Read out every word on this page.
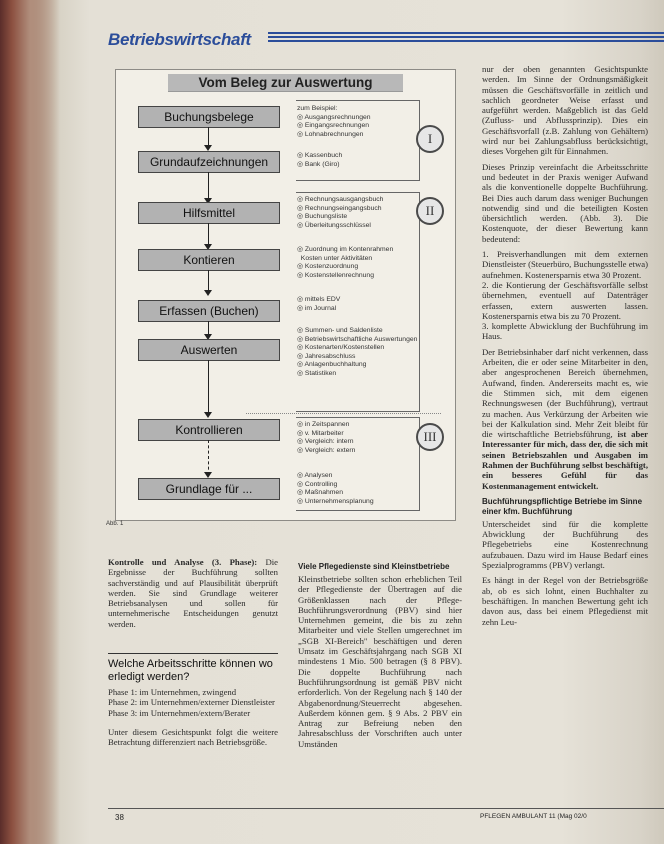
Betriebswirtschaft
Vom Beleg zur Auswertung
Buchungsbelege
Grundaufzeichnungen
Hilfsmittel
Kontieren
Erfassen (Buchen)
Auswerten
Kontrollieren
Grundlage für ...
zum Beispiel:
◎ Ausgangsrechnungen
◎ Eingangsrechnungen
◎ Lohnabrechnungen
◎ Kassenbuch
◎ Bank (Giro)
I
◎ Rechnungsausgangsbuch
◎ Rechnungseingangsbuch
◎ Buchungsliste
◎ Überleitungsschlüssel
◎ Zuordnung im Kontenrahmen
Kosten unter Aktivitäten
◎ Kostenzuordnung
◎ Kostenstellenrechnung
◎ mittels EDV
◎ im Journal
◎ Summen- und Saldenliste
◎ Betriebswirtschaftliche Auswertungen
◎ Kostenarten/Kostenstellen
◎ Jahresabschluss
◎ Anlagenbuchhaltung
◎ Statistiken
II
◎ in Zeitspannen
◎ v. Mitarbeiter
◎ Vergleich: intern
◎ Vergleich: extern
◎ Analysen
◎ Controlling
◎ Maßnahmen
◎ Unternehmensplanung
III
Abb. 1

Kontrolle und Analyse (3. Phase): Die Ergebnisse der Buchführung sollten sachverständig und auf Plausibilität überprüft werden. Sie sind Grundlage weiterer Betriebsanalysen und sollen für unternehmerische Entscheidungen genutzt werden.

Welche Arbeitsschritte können wo erledigt werden?
Phase 1: im Unternehmen, zwingend
Phase 2: im Unternehmen/externer Dienstleister
Phase 3: im Unternehmen/extern/Berater

Unter diesem Gesichtspunkt folgt die weitere Betrachtung differenziert nach Betriebsgröße.

Viele Pflegedienste sind Kleinstbetriebe

Kleinstbetriebe sollten schon erheblichen Teil der Pflegedienste der Übertragen auf die Größenklassen nach der Pflege-Buchführungsverordnung (PBV) sind hier Unternehmen gemeint, die bis zu zehn Mitarbeiter und viele Stellen umgerechnet im „SGB XI-Bereich" beschäftigen und deren Umsatz im Geschäftsjahrgang nach SGB XI mindestens 1 Mio. 500 betragen (§ 8 PBV). Die doppelte Buchführung nach Buchführungsordnung ist gemäß PBV nicht erforderlich. Von der Regelung nach § 140 der Abgabenordnung/Steuerrecht abgesehen. Außerdem können gem. § 9 Abs. 2 PBV ein Antrag zur Befreiung neben den Jahresabschluss der Vorschriften auch unter Umständen

nur der oben genannten Gesichtspunkte werden. Im Sinne der Ordnungsmäßigkeit müssen die Geschäftsvorfälle in zeitlich und sachlich geordneter Weise erfasst und aufgeführt werden. Maßgeblich ist das Geld (Zufluss- und Abflussprinzip). Dies ein Geschäftsvorfall (z.B. Zahlung von Gehältern) wird nur bei Zahlungsabfluss berücksichtigt, dieses Vorgehen gilt für Einnahmen.

Dieses Prinzip vereinfacht die Arbeitsschritte und bedeutet in der Praxis weniger Aufwand als die konventionelle doppelte Buchführung. Bei Dies auch darum dass weniger Buchungen notwendig sind und die beteiligten Kosten übersichtlich werden. (Abb. 3). Die Kostenquote, der dieser Bewertung kann bedeutend:

1. Preisverhandlungen mit dem externen Dienstleister (Steuerbüro, Buchungsstelle etwa) aufnehmen. Kostenersparnis etwa 30 Prozent.
2. die Kontierung der Geschäftsvorfälle selbst übernehmen, eventuell auf Datenträger erfassen, extern auswerten lassen. Kostenersparnis etwa bis zu 70 Prozent.

3. komplette Abwicklung der Buchführung im Haus.

Der Betriebsinhaber darf nicht verkennen, dass Arbeiten, die er oder seine Mitarbeiter in den, aber angesprochenen Bereich übernehmen, Aufwand, finden. Andererseits macht es, wie die Stimmen sich, mit dem eigenen Rechnungswesen (der Buchführung), vertraut zu machen. Aus Verkürzung der Arbeiten wie bei der Kalkulation sind. Mehr Zeit bleibt für die wirtschaftliche Betriebsführung, ist aber Interessanter für mich, dass der, die sich mit seinen Betriebszahlen und Ausgaben im Rahmen der Buchführung selbst beschäftigt, ein besseres Gefühl für das Kostenmanagement entwickelt.

Buchführungspflichtige Betriebe im Sinne einer kfm. Buchführung

Unterscheidet sind für die komplette Abwicklung der Buchführung des Pflegebetriebs eine Kostenrechnung aufzubauen. Dazu wird im Hause Bedarf eines Spezialprogramms (PBV) verlangt.

Es hängt in der Regel von der Betriebsgröße ab, ob es sich lohnt, einen Buchhalter zu beschäftigen. In manchen Bewertung geht ich davon aus, dass bei einem Pflegedienst mit zehn Leu-

38	PFLEGEN AMBULANT 11 (Mag 02/0
